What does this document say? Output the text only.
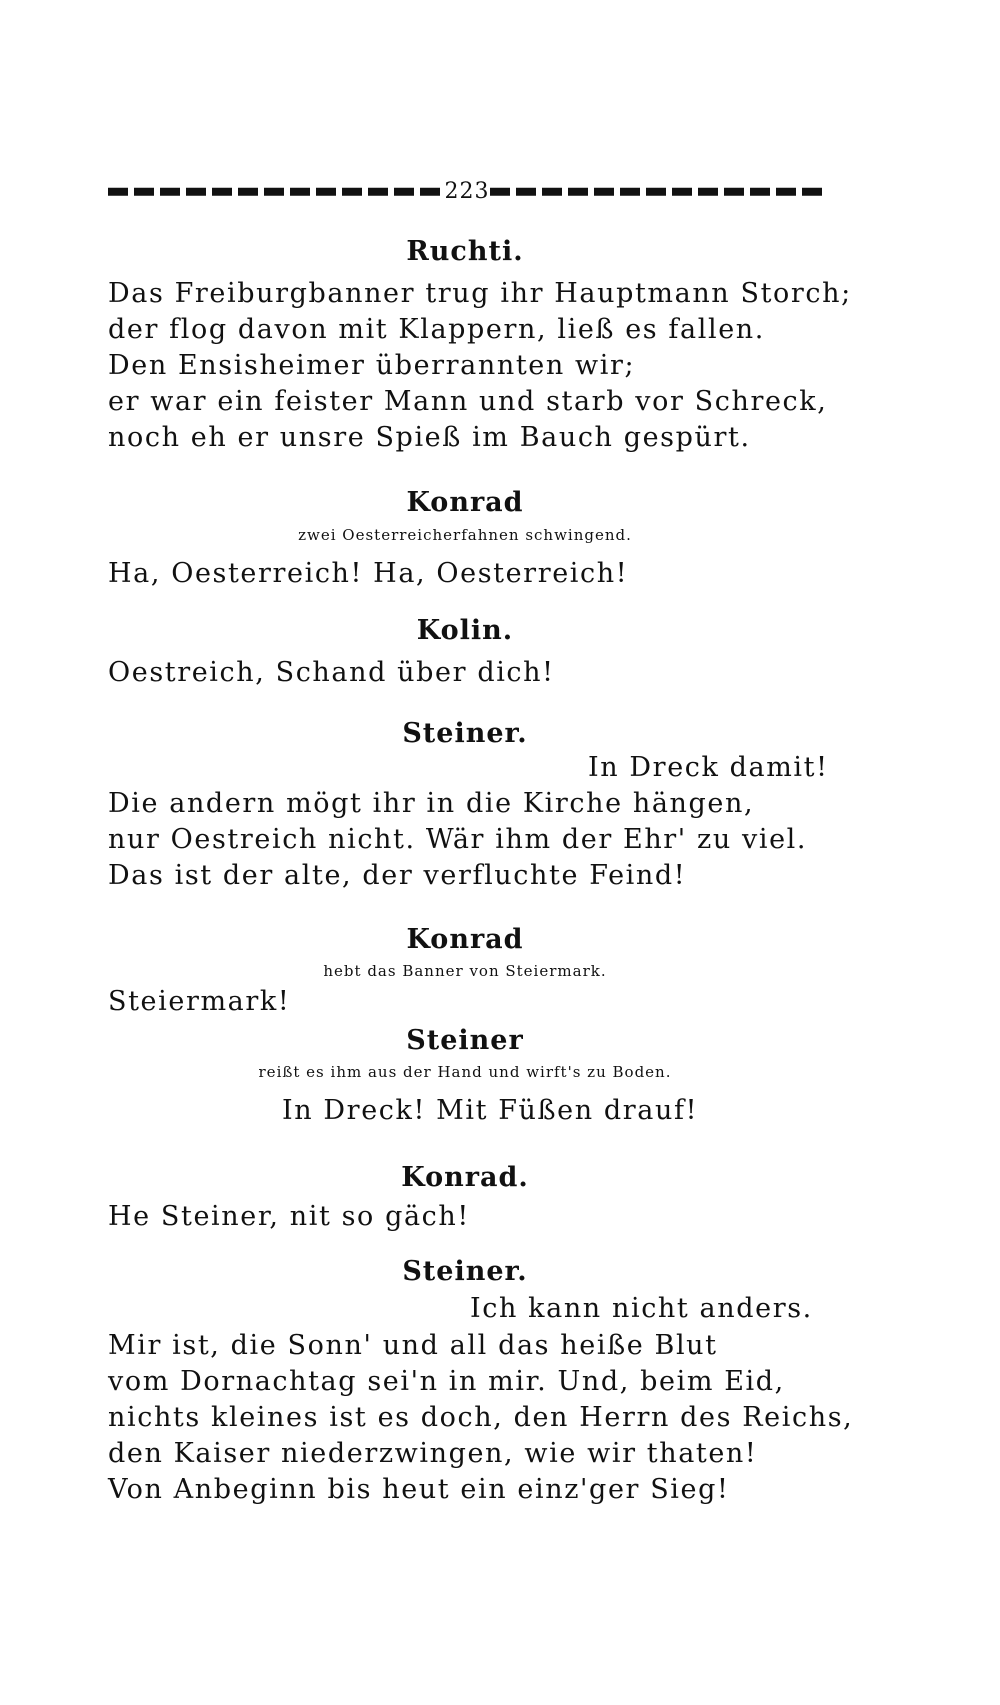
223
Ruchti.
Das Freiburgbanner trug ihr Hauptmann Storch;
der flog davon mit Klappern, ließ es fallen.
Den Ensisheimer überrannten wir;
er war ein feister Mann und starb vor Schreck,
noch eh er unsre Spieß im Bauch gespürt.
Konrad
zwei Oesterreicherfahnen schwingend.
Ha, Oesterreich! Ha, Oesterreich!
Kolin.
Oestreich, Schand über dich!
Steiner.
In Dreck damit!
Die andern mögt ihr in die Kirche hängen,
nur Oestreich nicht. Wär ihm der Ehr' zu viel.
Das ist der alte, der verfluchte Feind!
Konrad
hebt das Banner von Steiermark.
Steiermark!
Steiner
reißt es ihm aus der Hand und wirft's zu Boden.
In Dreck! Mit Füßen drauf!
Konrad.
He Steiner, nit so gäch!
Steiner.
Ich kann nicht anders.
Mir ist, die Sonn' und all das heiße Blut
vom Dornachtag sei'n in mir. Und, beim Eid,
nichts kleines ist es doch, den Herrn des Reichs,
den Kaiser niederzwingen, wie wir thaten!
Von Anbeginn bis heut ein einz'ger Sieg!
